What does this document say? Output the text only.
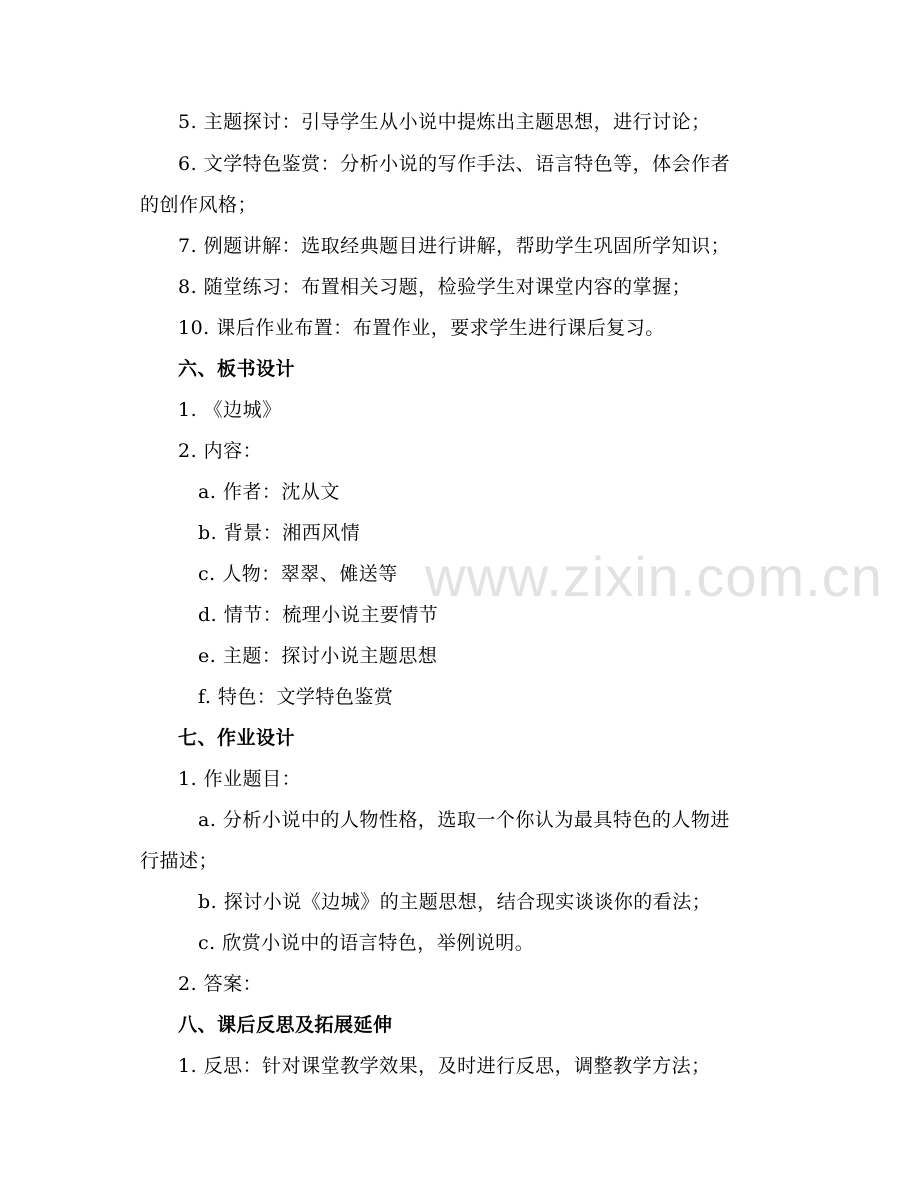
www.zixin.com.cn
5. 主题探讨：引导学生从小说中提炼出主题思想，进行讨论；
6. 文学特色鉴赏：分析小说的写作手法、语言特色等，体会作者
的创作风格；
7. 例题讲解：选取经典题目进行讲解，帮助学生巩固所学知识；
8. 随堂练习：布置相关习题，检验学生对课堂内容的掌握；
10. 课后作业布置：布置作业，要求学生进行课后复习。
六、板书设计
1. 《边城》
2. 内容：
a. 作者：沈从文
b. 背景：湘西风情
c. 人物：翠翠、傩送等
d. 情节：梳理小说主要情节
e. 主题：探讨小说主题思想
f. 特色：文学特色鉴赏
七、作业设计
1. 作业题目：
a. 分析小说中的人物性格，选取一个你认为最具特色的人物进
行描述；
b. 探讨小说《边城》的主题思想，结合现实谈谈你的看法；
c. 欣赏小说中的语言特色，举例说明。
2. 答案：
八、课后反思及拓展延伸
1. 反思：针对课堂教学效果，及时进行反思，调整教学方法；
